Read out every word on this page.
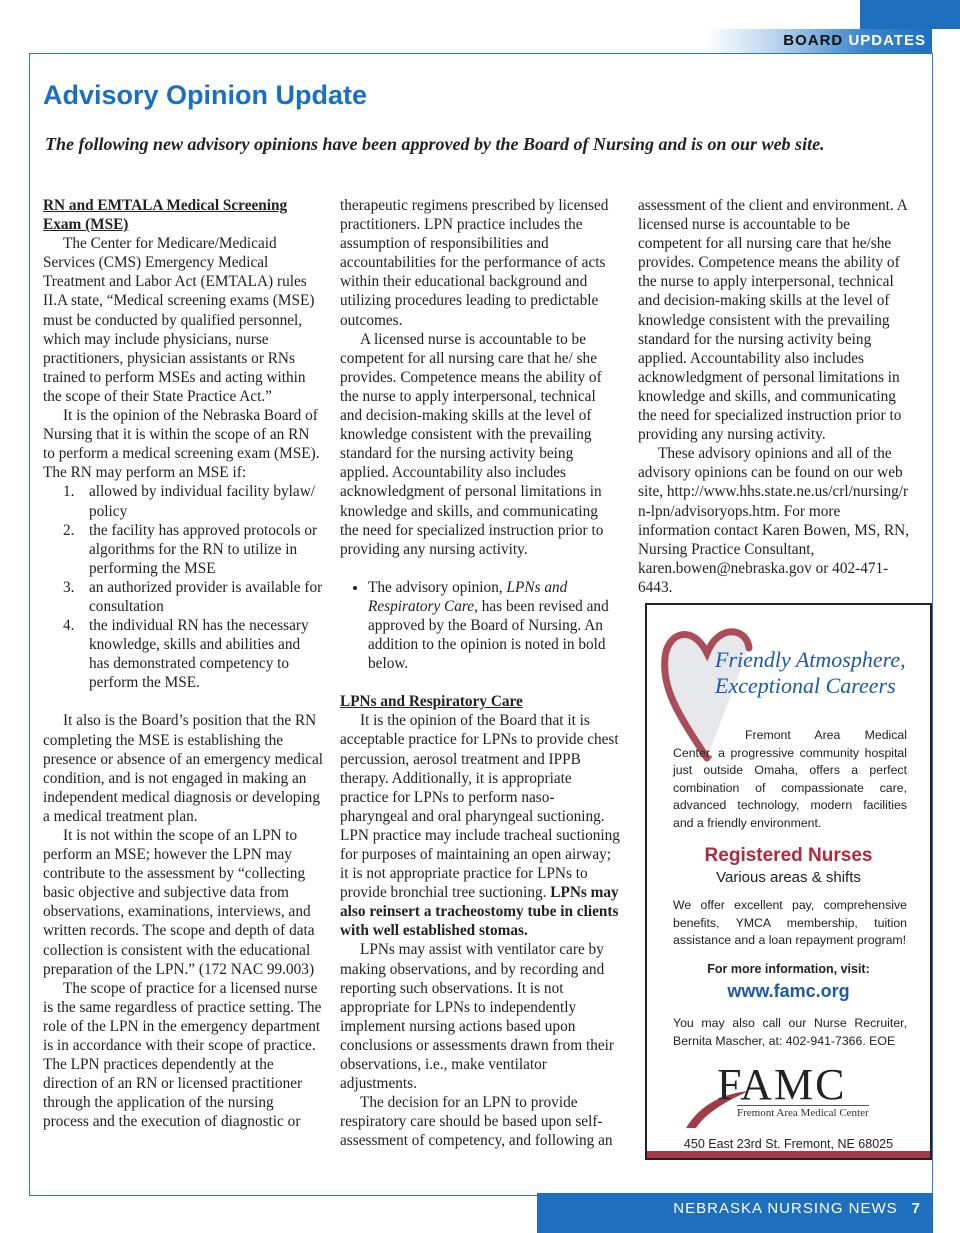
BOARD UPDATES
Advisory Opinion Update
The following new advisory opinions have been approved by the Board of Nursing and is on our web site.
RN and EMTALA Medical Screening Exam (MSE)

The Center for Medicare/Medicaid Services (CMS) Emergency Medical Treatment and Labor Act (EMTALA) rules II.A state, “Medical screening exams (MSE) must be conducted by qualified personnel, which may include physicians, nurse practitioners, physician assistants or RNs trained to perform MSEs and acting within the scope of their State Practice Act.”

It is the opinion of the Nebraska Board of Nursing that it is within the scope of an RN to perform a medical screening exam (MSE). The RN may perform an MSE if:

1. allowed by individual facility bylaw/ policy
2. the facility has approved protocols or algorithms for the RN to utilize in performing the MSE
3. an authorized provider is available for consultation
4. the individual RN has the necessary knowledge, skills and abilities and has demonstrated competency to perform the MSE.

It also is the Board’s position that the RN completing the MSE is establishing the presence or absence of an emergency medical condition, and is not engaged in making an independent medical diagnosis or developing a medical treatment plan.

It is not within the scope of an LPN to perform an MSE; however the LPN may contribute to the assessment by “collecting basic objective and subjective data from observations, examinations, interviews, and written records. The scope and depth of data collection is consistent with the educational preparation of the LPN.” (172 NAC 99.003)

The scope of practice for a licensed nurse is the same regardless of practice setting. The role of the LPN in the emergency department is in accordance with their scope of practice. The LPN practices dependently at the direction of an RN or licensed practitioner through the application of the nursing process and the execution of diagnostic or

therapeutic regimens prescribed by licensed practitioners. LPN practice includes the assumption of responsibilities and accountabilities for the performance of acts within their educational background and utilizing procedures leading to predictable outcomes.

A licensed nurse is accountable to be competent for all nursing care that he/ she provides. Competence means the ability of the nurse to apply interpersonal, technical and decision-making skills at the level of knowledge consistent with the prevailing standard for the nursing activity being applied. Accountability also includes acknowledgment of personal limitations in knowledge and skills, and communicating the need for specialized instruction prior to providing any nursing activity.

• The advisory opinion, LPNs and Respiratory Care, has been revised and approved by the Board of Nursing. An addition to the opinion is noted in bold below.
LPNs and Respiratory Care

It is the opinion of the Board that it is acceptable practice for LPNs to provide chest percussion, aerosol treatment and IPPB therapy. Additionally, it is appropriate practice for LPNs to perform naso-pharyngeal and oral pharyngeal suctioning. LPN practice may include tracheal suctioning for purposes of maintaining an open airway; it is not appropriate practice for LPNs to provide bronchial tree suctioning. LPNs may also reinsert a tracheostomy tube in clients with well established stomas.

LPNs may assist with ventilator care by making observations, and by recording and reporting such observations. It is not appropriate for LPNs to independently implement nursing actions based upon conclusions or assessments drawn from their observations, i.e., make ventilator adjustments.

The decision for an LPN to provide respiratory care should be based upon self-assessment of competency, and following an

assessment of the client and environment. A licensed nurse is accountable to be competent for all nursing care that he/she provides. Competence means the ability of the nurse to apply interpersonal, technical and decision-making skills at the level of knowledge consistent with the prevailing standard for the nursing activity being applied. Accountability also includes acknowledgment of personal limitations in knowledge and skills, and communicating the need for specialized instruction prior to providing any nursing activity.

These advisory opinions and all of the advisory opinions can be found on our web site, http://www.hhs.state.ne.us/crl/nursing/rn-lpn/advisoryops.htm. For more information contact Karen Bowen, MS, RN, Nursing Practice Consultant, karen.bowen@nebraska.gov or 402-471-6443.

Friendly Atmosphere,
Exceptional Careers
Fremont Area Medical Center, a progressive community hospital just outside Omaha, offers a perfect combination of compassionate care, advanced technology, modern facilities and a friendly environment.
Registered Nurses
Various areas & shifts
We offer excellent pay, comprehensive benefits, YMCA membership, tuition assistance and a loan repayment program!
For more information, visit:
www.famc.org
You may also call our Nurse Recruiter, Bernita Mascher, at: 402-941-7366. EOE
FAMC
Fremont Area Medical Center
450 East 23rd St. Fremont, NE 68025
NEBRASKA NURSING NEWS 7
